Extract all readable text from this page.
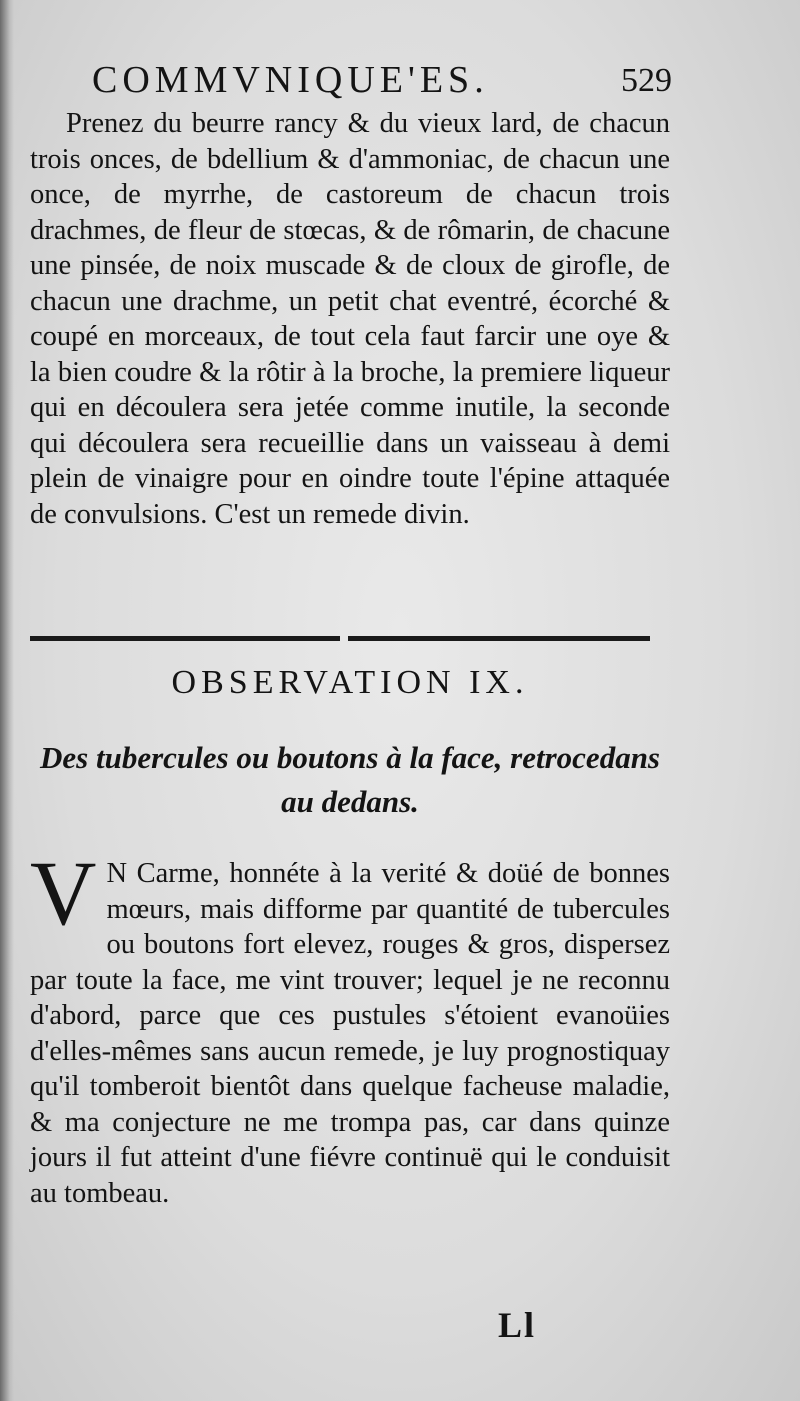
COMMVNIQUE'ES.	529

Prenez du beurre rancy & du vieux lard, de chacun trois onces, de bdellium & d'ammoniac, de chacun une once, de myrrhe, de castoreum de chacun trois drachmes, de fleur de stœcas, & de rômarin, de chacune une pinsée, de noix muscade & de cloux de girofle, de chacun une drachme, un petit chat eventré, écorché & coupé en morceaux, de tout cela faut farcir une oye & la bien coudre & la rôtir à la broche, la premiere liqueur qui en découlera sera jetée comme inutile, la seconde qui découlera sera recueillie dans un vaisseau à demi plein de vinaigre pour en oindre toute l'épine attaquée de convulsions. C'est un remede divin.

OBSERVATION IX.

Des tubercules ou boutons à la face, retrocedans au dedans.

V N Carme, honnéte à la verité & doüé de bonnes mœurs, mais difforme par quantité de tubercules ou boutons fort elevez, rouges & gros, dispersez par toute la face, me vint trouver; lequel je ne reconnu d'abord, parce que ces pustules s'étoient evanoüies d'elles-mêmes sans aucun remede, je luy prognostiquay qu'il tomberoit bientôt dans quelque facheuse maladie, & ma conjecture ne me trompa pas, car dans quinze jours il fut atteint d'une fiévre continuë qui le conduisit au tombeau.

Ll
